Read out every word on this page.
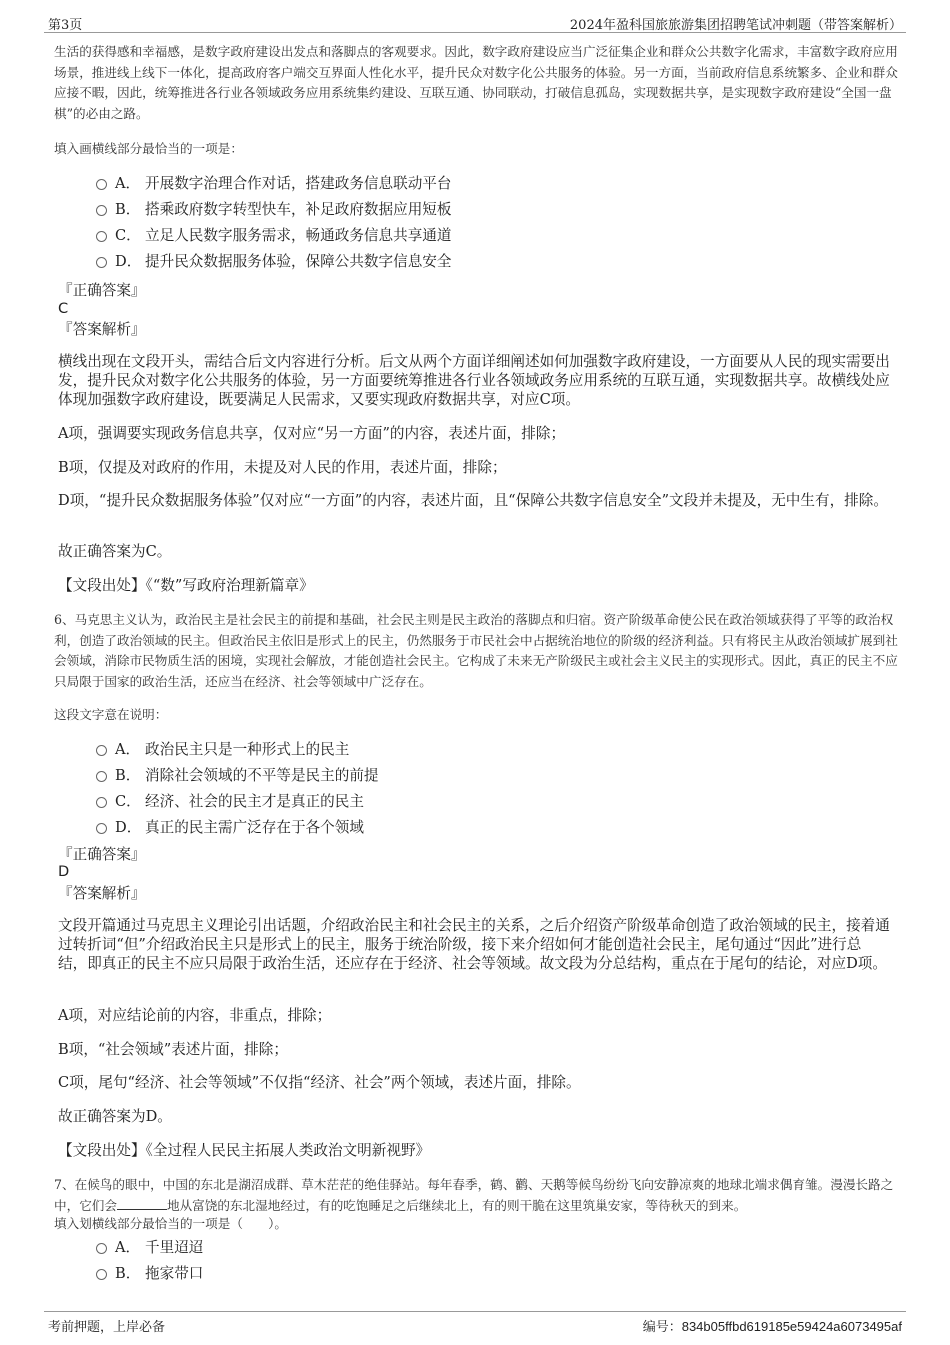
第3页	2024年盈科国旅旅游集团招聘笔试冲刺题（带答案解析）

生活的获得感和幸福感，是数字政府建设出发点和落脚点的客观要求。因此，数字政府建设应当广泛征集企业和群众公共数字化需求，丰富数字政府应用场景，推进线上线下一体化，提高政府客户端交互界面人性化水平，提升民众对数字化公共服务的体验。另一方面，当前政府信息系统繁多、企业和群众应接不暇，因此，统筹推进各行业各领域政务应用系统集约建设、互联互通、协同联动，打破信息孤岛，实现数据共享，是实现数字政府建设“全国一盘棋”的必由之路。

填入画横线部分最恰当的一项是：

A． 开展数字治理合作对话，搭建政务信息联动平台
B． 搭乘政府数字转型快车，补足政府数据应用短板
C． 立足人民数字服务需求，畅通政务信息共享通道
D． 提升民众数据服务体验，保障公共数字信息安全
『正确答案』
C
『答案解析』

横线出现在文段开头，需结合后文内容进行分析。后文从两个方面详细阐述如何加强数字政府建设，一方面要从人民的现实需要出发，提升民众对数字化公共服务的体验，另一方面要统筹推进各行业各领域政务应用系统的互联互通，实现数据共享。故横线处应体现加强数字政府建设，既要满足人民需求，又要实现政府数据共享，对应C项。

A项，强调要实现政务信息共享，仅对应“另一方面”的内容，表述片面，排除；

B项，仅提及对政府的作用，未提及对人民的作用，表述片面，排除；

D项，“提升民众数据服务体验”仅对应“一方面”的内容，表述片面，且“保障公共数字信息安全”文段并未提及，无中生有，排除。

故正确答案为C。

【文段出处】《“数”写政府治理新篇章》

6、马克思主义认为，政治民主是社会民主的前提和基础，社会民主则是民主政治的落脚点和归宿。资产阶级革命使公民在政治领域获得了平等的政治权利，创造了政治领域的民主。但政治民主依旧是形式上的民主，仍然服务于市民社会中占据统治地位的阶级的经济利益。只有将民主从政治领域扩展到社会领域，消除市民物质生活的困境，实现社会解放，才能创造社会民主。它构成了未来无产阶级民主或社会主义民主的实现形式。因此，真正的民主不应只局限于国家的政治生活，还应当在经济、社会等领域中广泛存在。

这段文字意在说明：

A． 政治民主只是一种形式上的民主
B． 消除社会领域的不平等是民主的前提
C． 经济、社会的民主才是真正的民主
D． 真正的民主需广泛存在于各个领域
『正确答案』
D
『答案解析』

文段开篇通过马克思主义理论引出话题，介绍政治民主和社会民主的关系，之后介绍资产阶级革命创造了政治领域的民主，接着通过转折词“但”介绍政治民主只是形式上的民主，服务于统治阶级，接下来介绍如何才能创造社会民主，尾句通过“因此”进行总结，即真正的民主不应只局限于政治生活，还应存在于经济、社会等领域。故文段为分总结构，重点在于尾句的结论，对应D项。

A项，对应结论前的内容，非重点，排除；

B项，“社会领域”表述片面，排除；

C项，尾句“经济、社会等领域”不仅指“经济、社会”两个领域，表述片面，排除。

故正确答案为D。

【文段出处】《全过程人民民主拓展人类政治文明新视野》

7、在候鸟的眼中，中国的东北是湖沼成群、草木茫茫的绝佳驿站。每年春季，鹤、鹳、天鹅等候鸟纷纷飞向安静凉爽的地球北端求偶育雏。漫漫长路之中，它们会	地从富饶的东北湿地经过，有的吃饱睡足之后继续北上，有的则干脆在这里筑巢安家，等待秋天的到来。

填入划横线部分最恰当的一项是（　　）。

A． 千里迢迢
B． 拖家带口
考前押题，上岸必备	编号：834b05ffbd619185e59424a6073495af
